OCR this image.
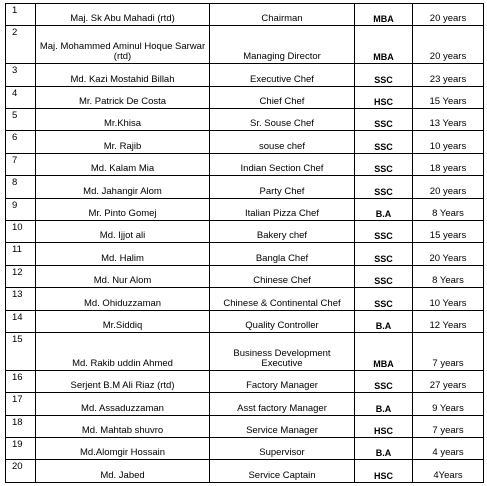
1	Maj. Sk Abu Mahadi (rtd)	Chairman	MBA	20 years
2	Maj. Mohammed Aminul Hoque Sarwar (rtd)	Managing Director	MBA	20 years
3	Md. Kazi Mostahid Billah	Executive Chef	SSC	23 years
4	Mr. Patrick De Costa	Chief Chef	HSC	15 Years
5	Mr.Khisa	Sr. Souse Chef	SSC	13 Years
6	Mr. Rajib	souse chef	SSC	10 years
7	Md. Kalam Mia	Indian Section Chef	SSC	18 years
8	Md. Jahangir Alom	Party Chef	SSC	20 years
9	Mr. Pinto Gomej	Italian Pizza Chef	B.A	8 Years
10	Md. Ijjot ali	Bakery chef	SSC	15 years
11	Md. Halim	Bangla Chef	SSC	20 Years
12	Md. Nur Alom	Chinese Chef	SSC	8 Years
13	Md. Ohiduzzaman	Chinese & Continental Chef	SSC	10 Years
14	Mr.Siddiq	Quality Controller	B.A	12 Years
15	Md. Rakib uddin Ahmed	Business Development Executive	MBA	7 years
16	Serjent B.M Ali Riaz (rtd)	Factory Manager	SSC	27 years
17	Md. Assaduzzaman	Asst factory Manager	B.A	9 Years
18	Md. Mahtab shuvro	Service Manager	HSC	7 years
19	Md.Alomgir Hossain	Supervisor	B.A	4 years
20	Md. Jabed	Service Captain	HSC	4Years
